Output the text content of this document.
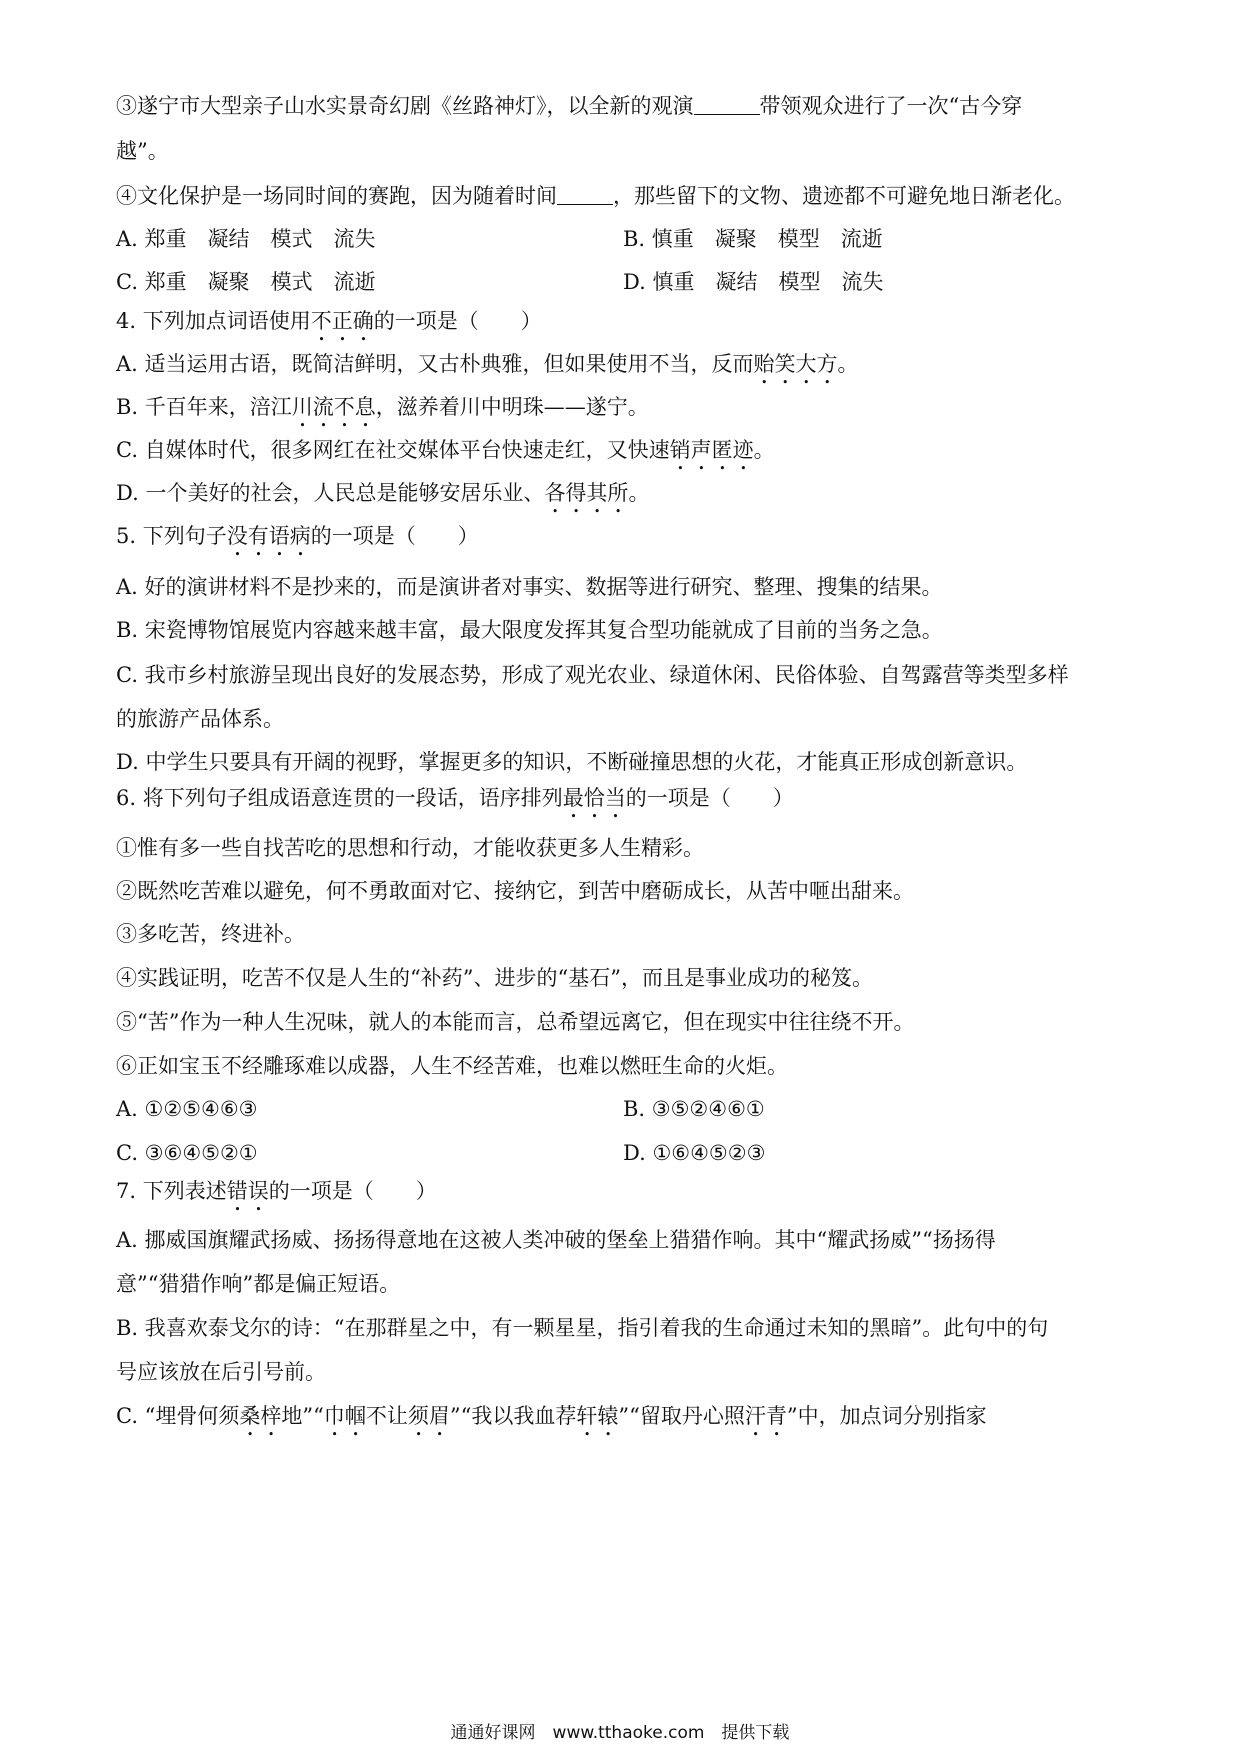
③遂宁市大型亲子山水实景奇幻剧《丝路神灯》，以全新的观演	带领观众进行了一次“古今穿
越”。
④文化保护是一场同时间的赛跑，因为随着时间	，那些留下的文物、遗迹都不可避免地日渐老化。
A. 郑重　凝结　模式　流失	B. 慎重　凝聚　模型　流逝
C. 郑重　凝聚　模式　流逝	D. 慎重　凝结　模型　流失
4. 下列加点词语使用不正确的一项是（　　）
A. 适当运用古语，既简洁鲜明，又古朴典雅，但如果使用不当，反而贻笑大方。
B. 千百年来，涪江川流不息，滋养着川中明珠——遂宁。
C. 自媒体时代，很多网红在社交媒体平台快速走红，又快速销声匿迹。
D. 一个美好的社会，人民总是能够安居乐业、各得其所。
5. 下列句子没有语病的一项是（　　）
A. 好的演讲材料不是抄来的，而是演讲者对事实、数据等进行研究、整理、搜集的结果。
B. 宋瓷博物馆展览内容越来越丰富，最大限度发挥其复合型功能就成了目前的当务之急。
C. 我市乡村旅游呈现出良好的发展态势，形成了观光农业、绿道休闲、民俗体验、自驾露营等类型多样
的旅游产品体系。
D. 中学生只要具有开阔的视野，掌握更多的知识，不断碰撞思想的火花，才能真正形成创新意识。
6. 将下列句子组成语意连贯的一段话，语序排列最恰当的一项是（　　）
①惟有多一些自找苦吃的思想和行动，才能收获更多人生精彩。
②既然吃苦难以避免，何不勇敢面对它、接纳它，到苦中磨砺成长，从苦中咂出甜来。
③多吃苦，终进补。
④实践证明，吃苦不仅是人生的“补药”、进步的“基石”，而且是事业成功的秘笈。
⑤“苦”作为一种人生况味，就人的本能而言，总希望远离它，但在现实中往往绕不开。
⑥正如宝玉不经雕琢难以成器，人生不经苦难，也难以燃旺生命的火炬。
A. ①②⑤④⑥③	B. ③⑤②④⑥①
C. ③⑥④⑤②①	D. ①⑥④⑤②③
7. 下列表述错误的一项是（　　）
A. 挪威国旗耀武扬威、扬扬得意地在这被人类冲破的堡垒上猎猎作响。其中“耀武扬威”“扬扬得
意”“猎猎作响”都是偏正短语。
B. 我喜欢泰戈尔的诗：“在那群星之中，有一颗星星，指引着我的生命通过未知的黑暗”。此句中的句
号应该放在后引号前。
C. “埋骨何须桑梓地”“巾帼不让须眉”“我以我血荐轩辕”“留取丹心照汗青”中，加点词分别指家
通通好课网　www.tthaoke.com　提供下载
